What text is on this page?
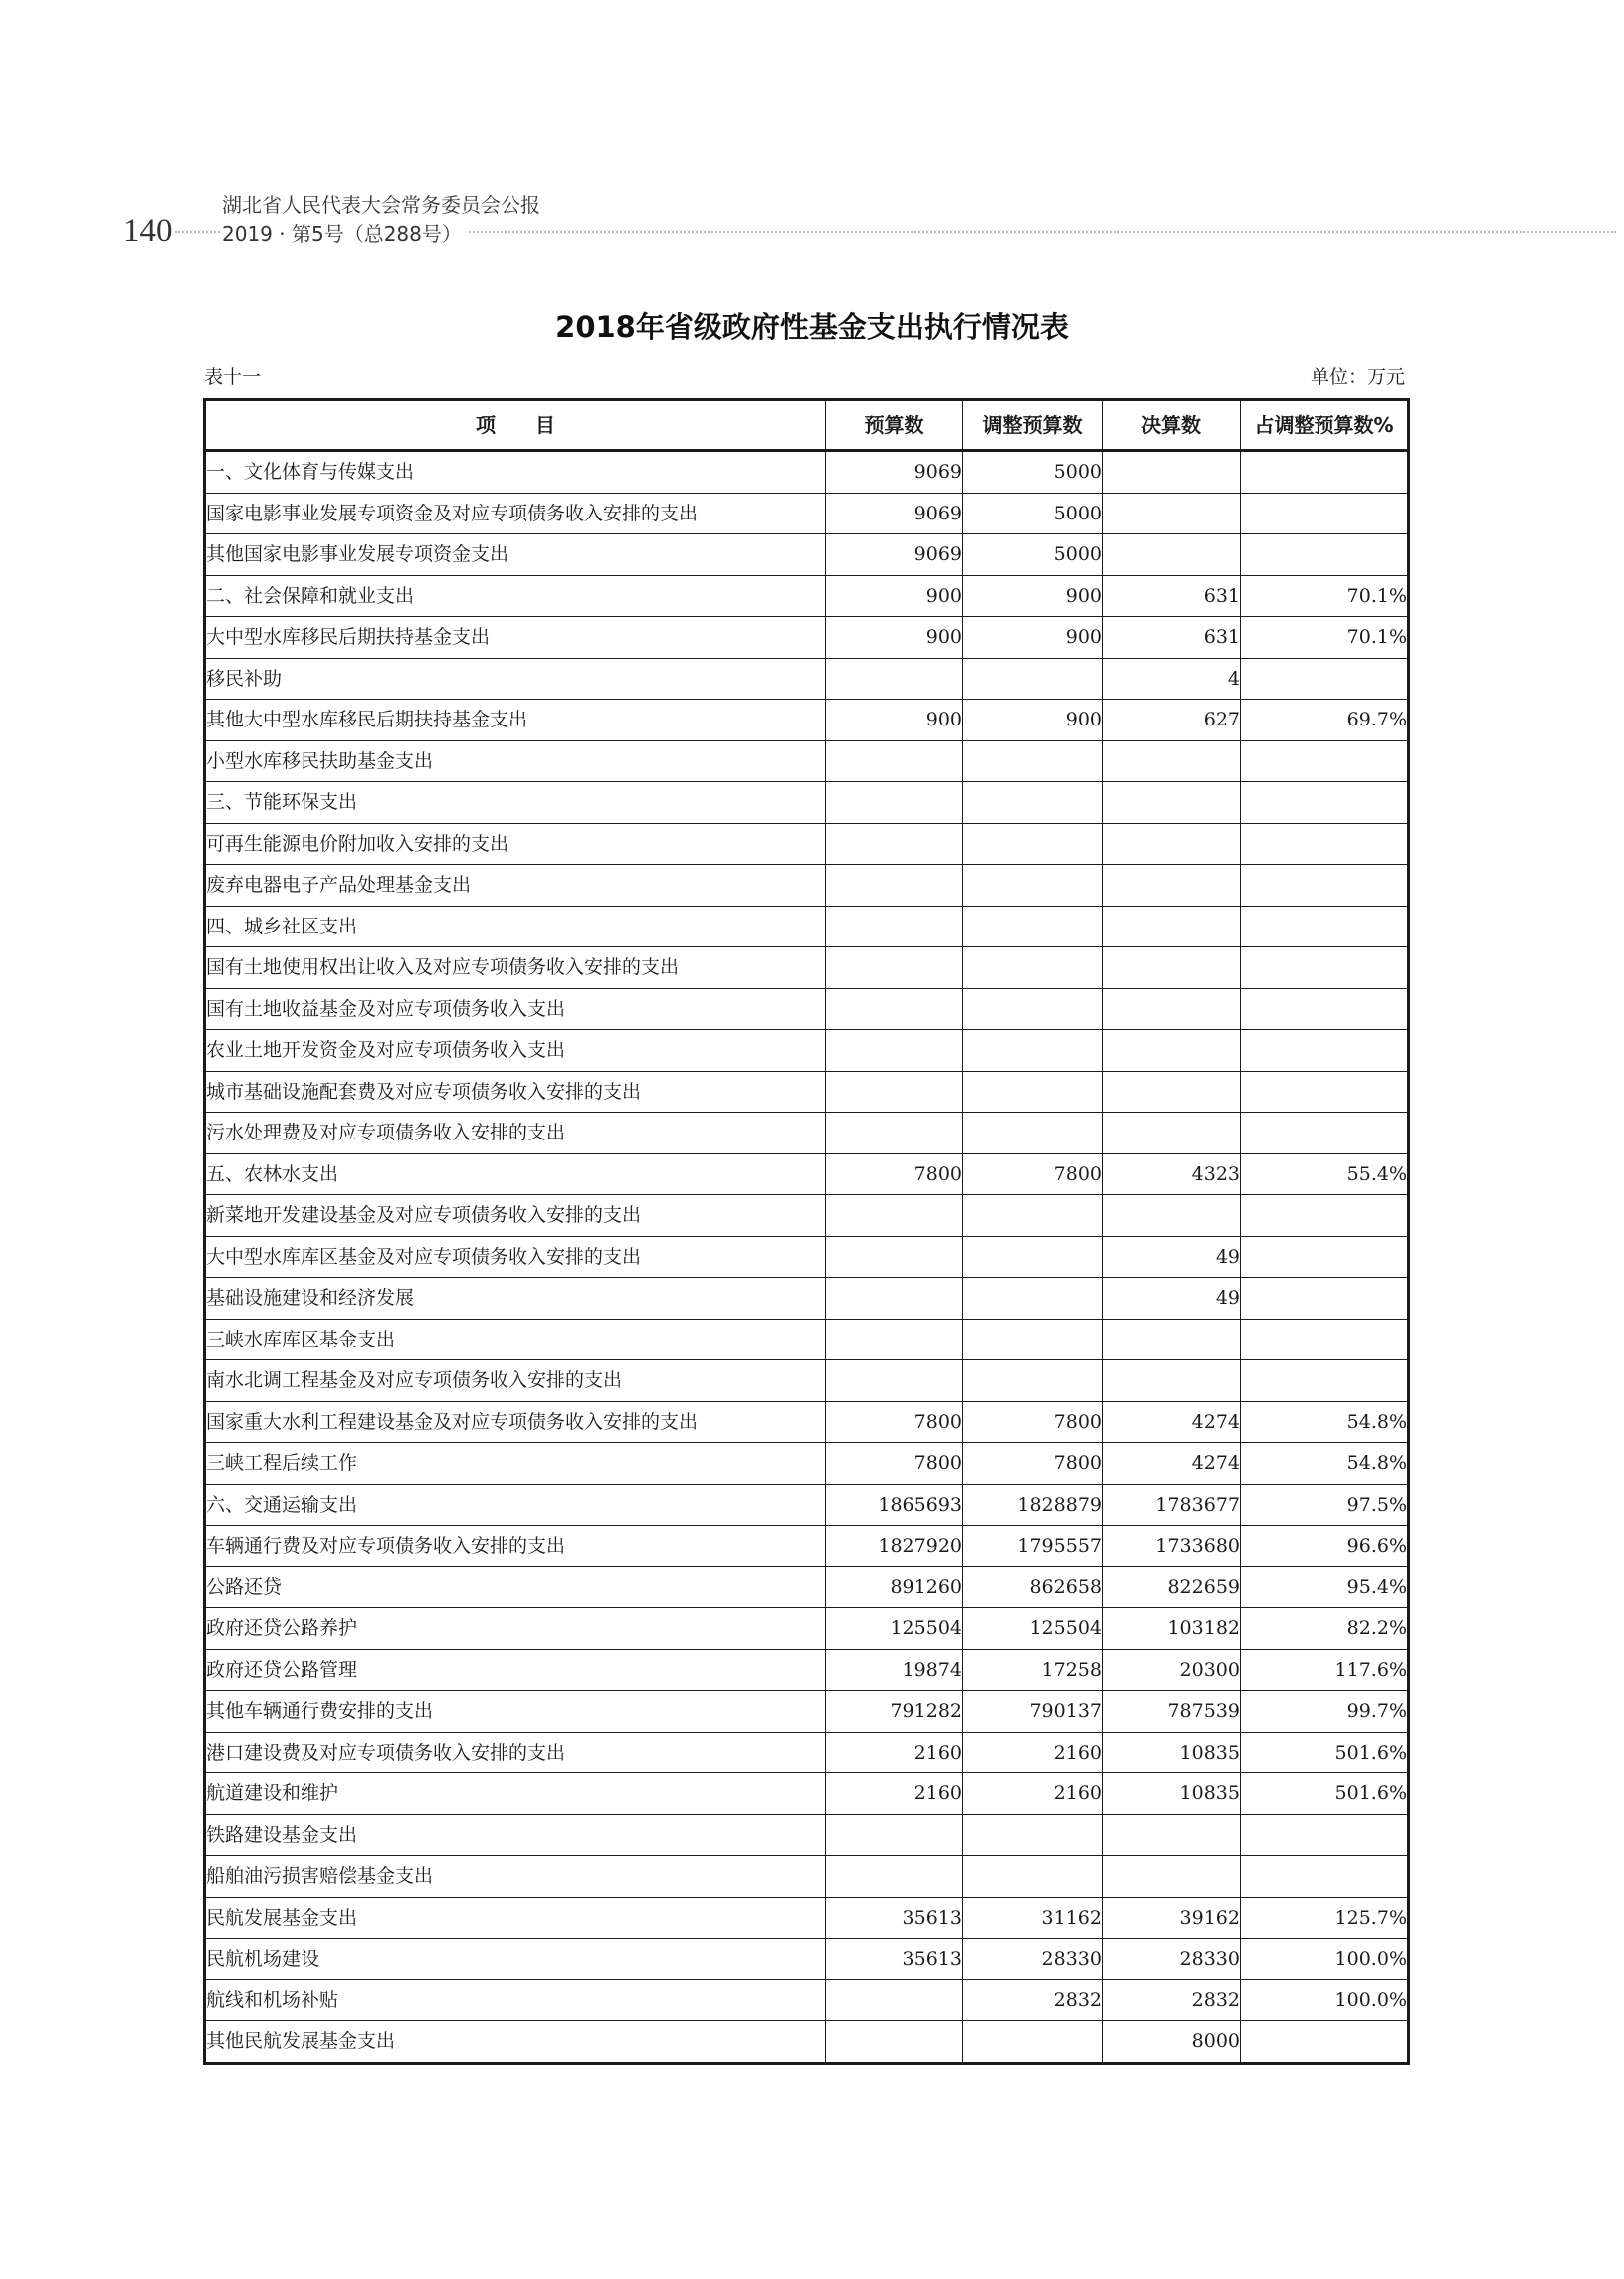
140
湖北省人民代表大会常务委员会公报
2019 · 第5号（总288号）
2018年省级政府性基金支出执行情况表
表十一	单位：万元
项　　目	预算数	调整预算数	决算数	占调整预算数%
一、文化体育与传媒支出	9069	5000		
国家电影事业发展专项资金及对应专项债务收入安排的支出	9069	5000		
其他国家电影事业发展专项资金支出	9069	5000		
二、社会保障和就业支出	900	900	631	70.1%
大中型水库移民后期扶持基金支出	900	900	631	70.1%
移民补助			4	
其他大中型水库移民后期扶持基金支出	900	900	627	69.7%
小型水库移民扶助基金支出				
三、节能环保支出				
可再生能源电价附加收入安排的支出				
废弃电器电子产品处理基金支出				
四、城乡社区支出				
国有土地使用权出让收入及对应专项债务收入安排的支出				
国有土地收益基金及对应专项债务收入支出				
农业土地开发资金及对应专项债务收入支出				
城市基础设施配套费及对应专项债务收入安排的支出				
污水处理费及对应专项债务收入安排的支出				
五、农林水支出	7800	7800	4323	55.4%
新菜地开发建设基金及对应专项债务收入安排的支出				
大中型水库库区基金及对应专项债务收入安排的支出			49	
基础设施建设和经济发展			49	
三峡水库库区基金支出				
南水北调工程基金及对应专项债务收入安排的支出				
国家重大水利工程建设基金及对应专项债务收入安排的支出	7800	7800	4274	54.8%
三峡工程后续工作	7800	7800	4274	54.8%
六、交通运输支出	1865693	1828879	1783677	97.5%
车辆通行费及对应专项债务收入安排的支出	1827920	1795557	1733680	96.6%
公路还贷	891260	862658	822659	95.4%
政府还贷公路养护	125504	125504	103182	82.2%
政府还贷公路管理	19874	17258	20300	117.6%
其他车辆通行费安排的支出	791282	790137	787539	99.7%
港口建设费及对应专项债务收入安排的支出	2160	2160	10835	501.6%
航道建设和维护	2160	2160	10835	501.6%
铁路建设基金支出				
船舶油污损害赔偿基金支出				
民航发展基金支出	35613	31162	39162	125.7%
民航机场建设	35613	28330	28330	100.0%
航线和机场补贴		2832	2832	100.0%
其他民航发展基金支出			8000	
